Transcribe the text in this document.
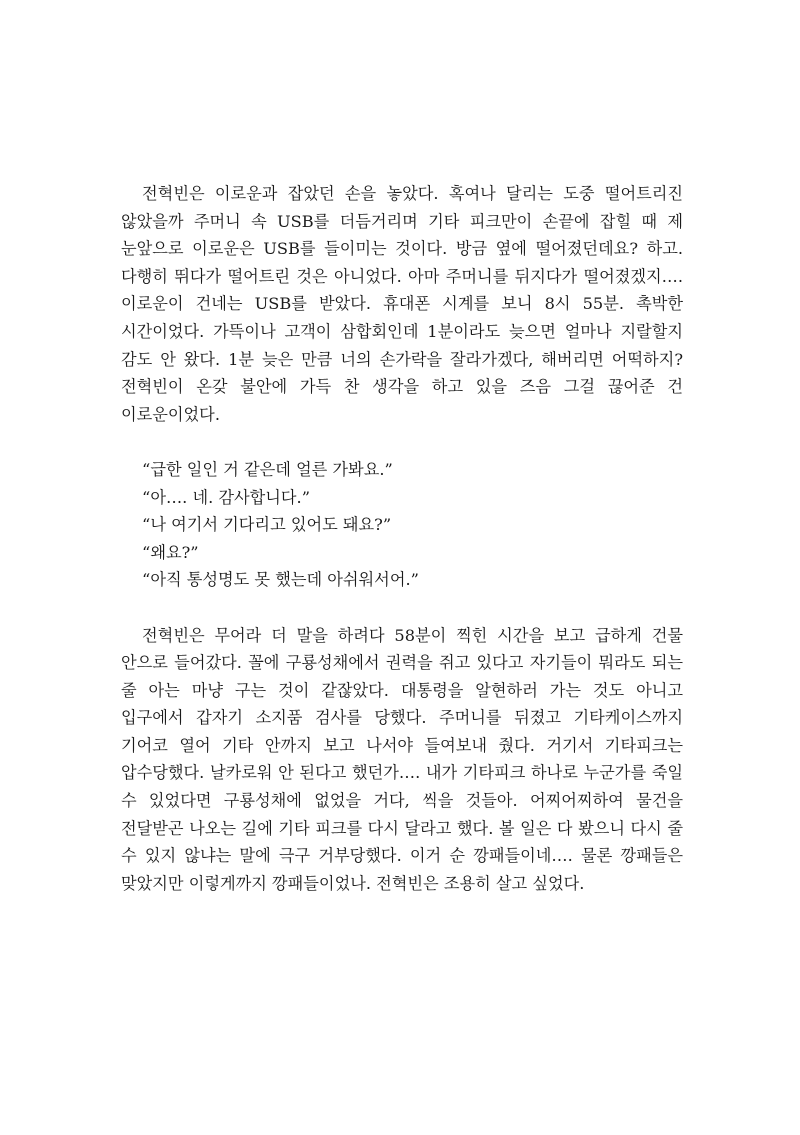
전혁빈은 이로운과 잡았던 손을 놓았다. 혹여나 달리는 도중 떨어트리진 않았을까 주머니 속 USB를 더듬거리며 기타 피크만이 손끝에 잡힐 때 제 눈앞으로 이로운은 USB를 들이미는 것이다. 방금 옆에 떨어졌던데요? 하고. 다행히 뛰다가 떨어트린 것은 아니었다. 아마 주머니를 뒤지다가 떨어졌겠지…. 이로운이 건네는 USB를 받았다. 휴대폰 시계를 보니 8시 55분. 촉박한 시간이었다. 가뜩이나 고객이 삼합회인데 1분이라도 늦으면 얼마나 지랄할지 감도 안 왔다. 1분 늦은 만큼 너의 손가락을 잘라가겠다, 해버리면 어떡하지? 전혁빈이 온갖 불안에 가득 찬 생각을 하고 있을 즈음 그걸 끊어준 건 이로운이었다.

“급한 일인 거 같은데 얼른 가봐요.”

“아…. 네. 감사합니다.”

“나 여기서 기다리고 있어도 돼요?”

“왜요?”

“아직 통성명도 못 했는데 아쉬워서어.”

전혁빈은 무어라 더 말을 하려다 58분이 찍힌 시간을 보고 급하게 건물 안으로 들어갔다. 꼴에 구룡성채에서 권력을 쥐고 있다고 자기들이 뭐라도 되는 줄 아는 마냥 구는 것이 같잖았다. 대통령을 알현하러 가는 것도 아니고 입구에서 갑자기 소지품 검사를 당했다. 주머니를 뒤졌고 기타케이스까지 기어코 열어 기타 안까지 보고 나서야 들여보내 줬다. 거기서 기타피크는 압수당했다. 날카로워 안 된다고 했던가…. 내가 기타피크 하나로 누군가를 죽일 수 있었다면 구룡성채에 없었을 거다, 씩을 것들아. 어찌어찌하여 물건을 전달받곤 나오는 길에 기타 피크를 다시 달라고 했다. 볼 일은 다 봤으니 다시 줄 수 있지 않냐는 말에 극구 거부당했다. 이거 순 깡패들이네…. 물론 깡패들은 맞았지만 이렇게까지 깡패들이었나. 전혁빈은 조용히 살고 싶었다.
